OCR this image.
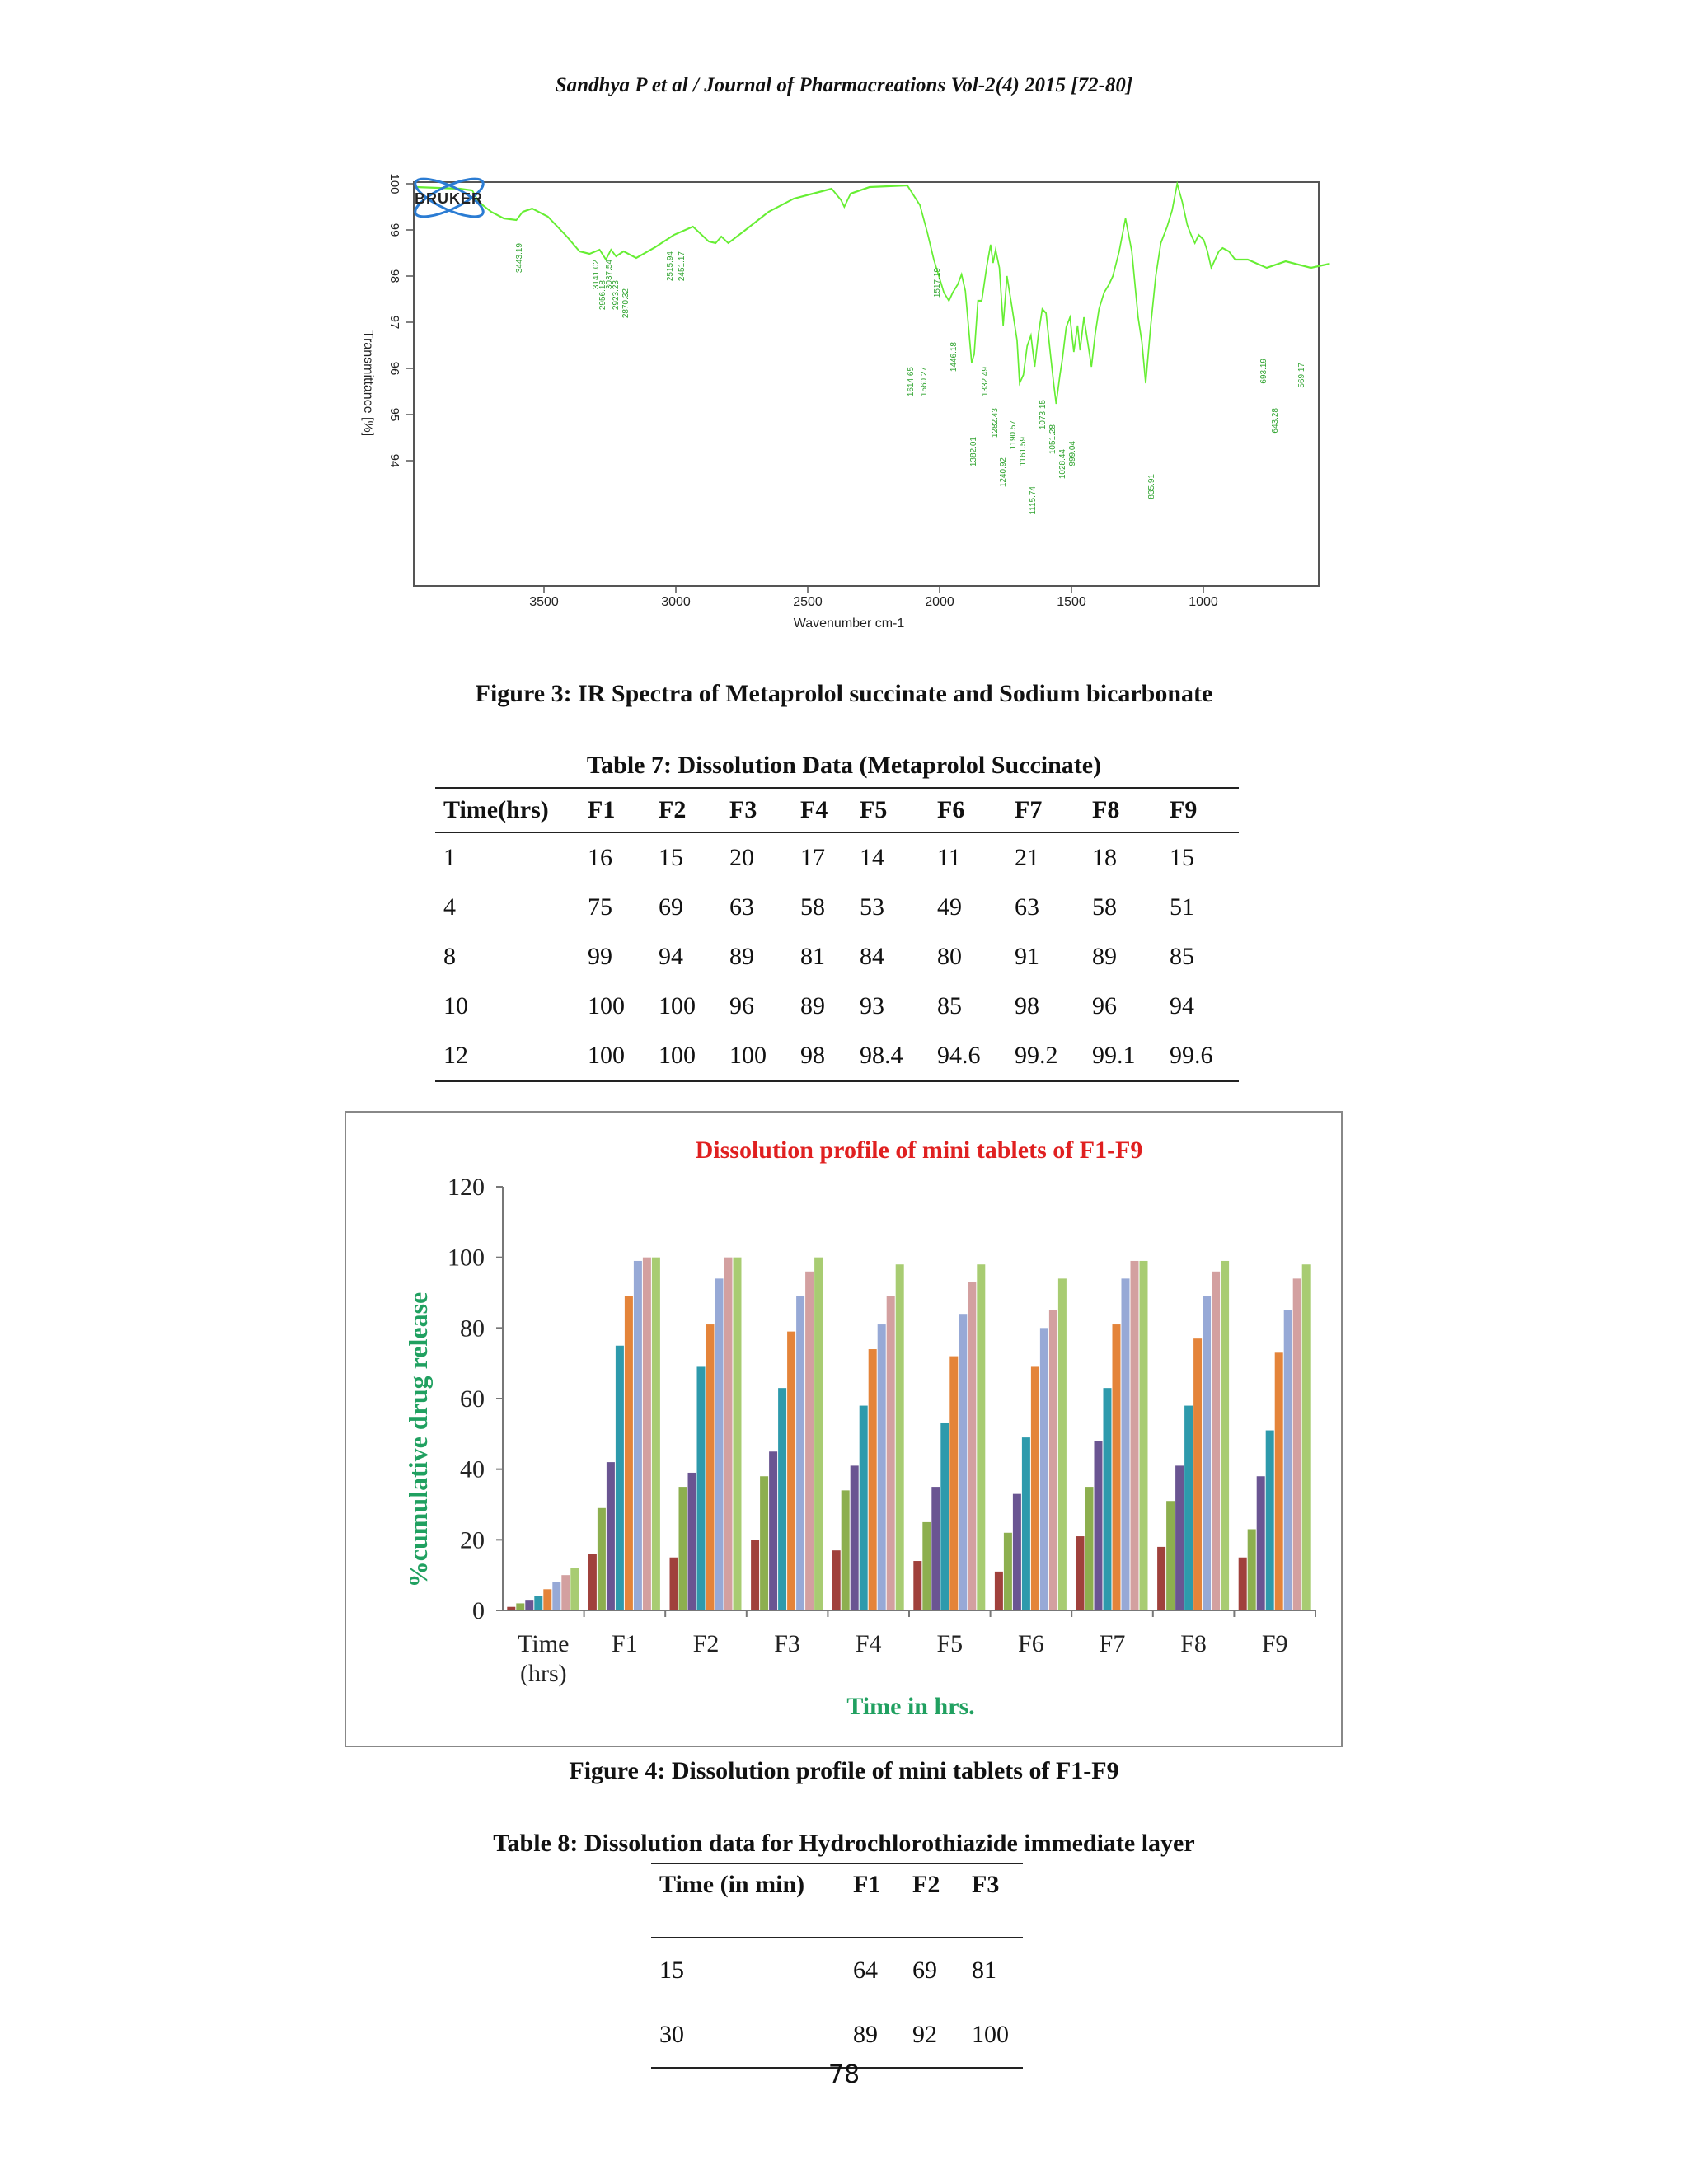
Sandhya P et al / Journal of Pharmacreations Vol-2(4) 2015 [72-80]
Transmittance [%]
100
99
98
97
96
95
94
3500	3000	2500	2000	1500	1000
Wavenumber cm-1
3443.19
3141.02 3037.54
2956.18 2923.23 2870.32
2515.94 2451.17
1614.65 1560.27
1517.19
1446.18
1382.01
1332.49
1282.43
1240.92
1190.57
1161.59
1115.74
1073.15
1051.28
1028.44 999.04
835.91
693.19
643.28
569.17
BRUKER
Figure 3: IR Spectra of Metaprolol succinate and Sodium bicarbonate
Table 7: Dissolution Data (Metaprolol Succinate)
Time(hrs)	F1	F2	F3	F4	F5	F6	F7	F8	F9
1	16	15	20	17	14	11	21	18	15
4	75	69	63	58	53	49	63	58	51
8	99	94	89	81	84	80	91	89	85
10	100	100	96	89	93	85	98	96	94
12	100	100	100	98	98.4	94.6	99.2	99.1	99.6
Dissolution profile of mini tablets of F1-F9
0
20
40
60
80
100
120
%cumulative drug release
Time
(hrs)
F1 F2 F3 F4 F5 F6 F7 F8 F9
Time in hrs.
Figure 4: Dissolution profile of mini tablets of F1-F9
Table 8: Dissolution data for Hydrochlorothiazide immediate layer
Time (in min)	F1	F2	F3
15	64	69	81
30	89	92	100
78
